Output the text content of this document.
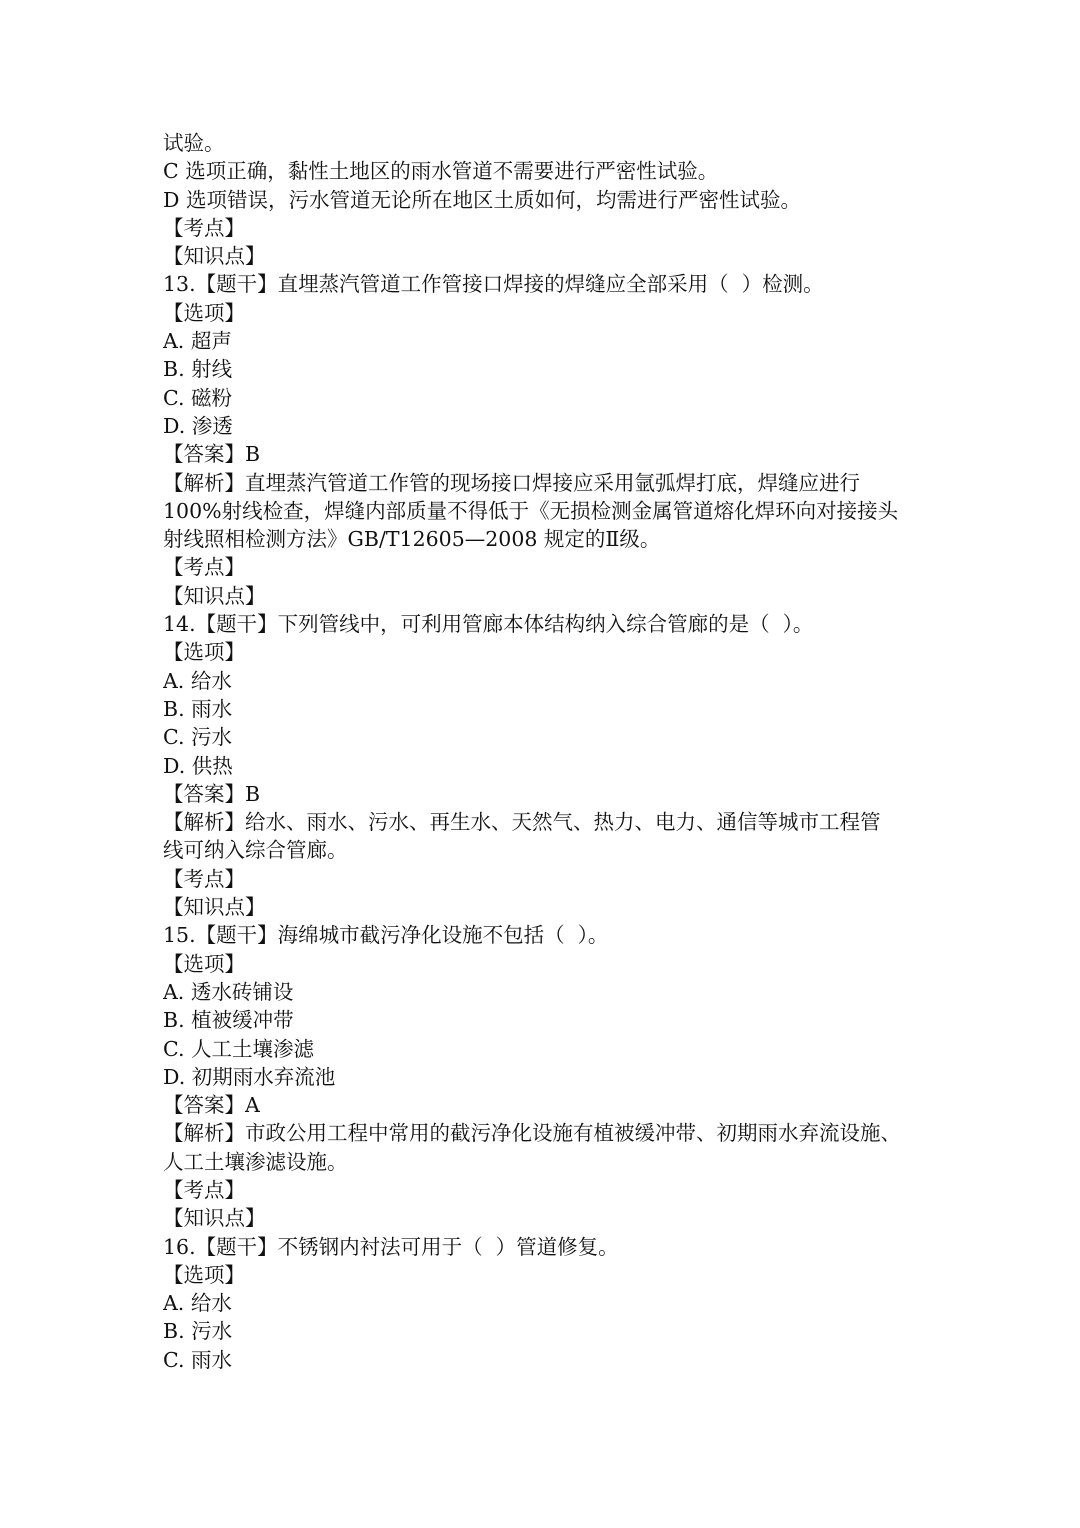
试验。
C 选项正确，黏性土地区的雨水管道不需要进行严密性试验。
D 选项错误，污水管道无论所在地区土质如何，均需进行严密性试验。
【考点】
【知识点】
13.【题干】直埋蒸汽管道工作管接口焊接的焊缝应全部采用（  ）检测。
【选项】
A. 超声
B. 射线
C. 磁粉
D. 渗透
【答案】B
【解析】直埋蒸汽管道工作管的现场接口焊接应采用氩弧焊打底，焊缝应进行
100%射线检查，焊缝内部质量不得低于《无损检测金属管道熔化焊环向对接接头
射线照相检测方法》GB/T12605—2008 规定的Ⅱ级。
【考点】
【知识点】
14.【题干】下列管线中，可利用管廊本体结构纳入综合管廊的是（  ）。
【选项】
A. 给水
B. 雨水
C. 污水
D. 供热
【答案】B
【解析】给水、雨水、污水、再生水、天然气、热力、电力、通信等城市工程管
线可纳入综合管廊。
【考点】
【知识点】
15.【题干】海绵城市截污净化设施不包括（  ）。
【选项】
A. 透水砖铺设
B. 植被缓冲带
C. 人工土壤渗滤
D. 初期雨水弃流池
【答案】A
【解析】市政公用工程中常用的截污净化设施有植被缓冲带、初期雨水弃流设施、
人工土壤渗滤设施。
【考点】
【知识点】
16.【题干】不锈钢内衬法可用于（  ）管道修复。
【选项】
A. 给水
B. 污水
C. 雨水
